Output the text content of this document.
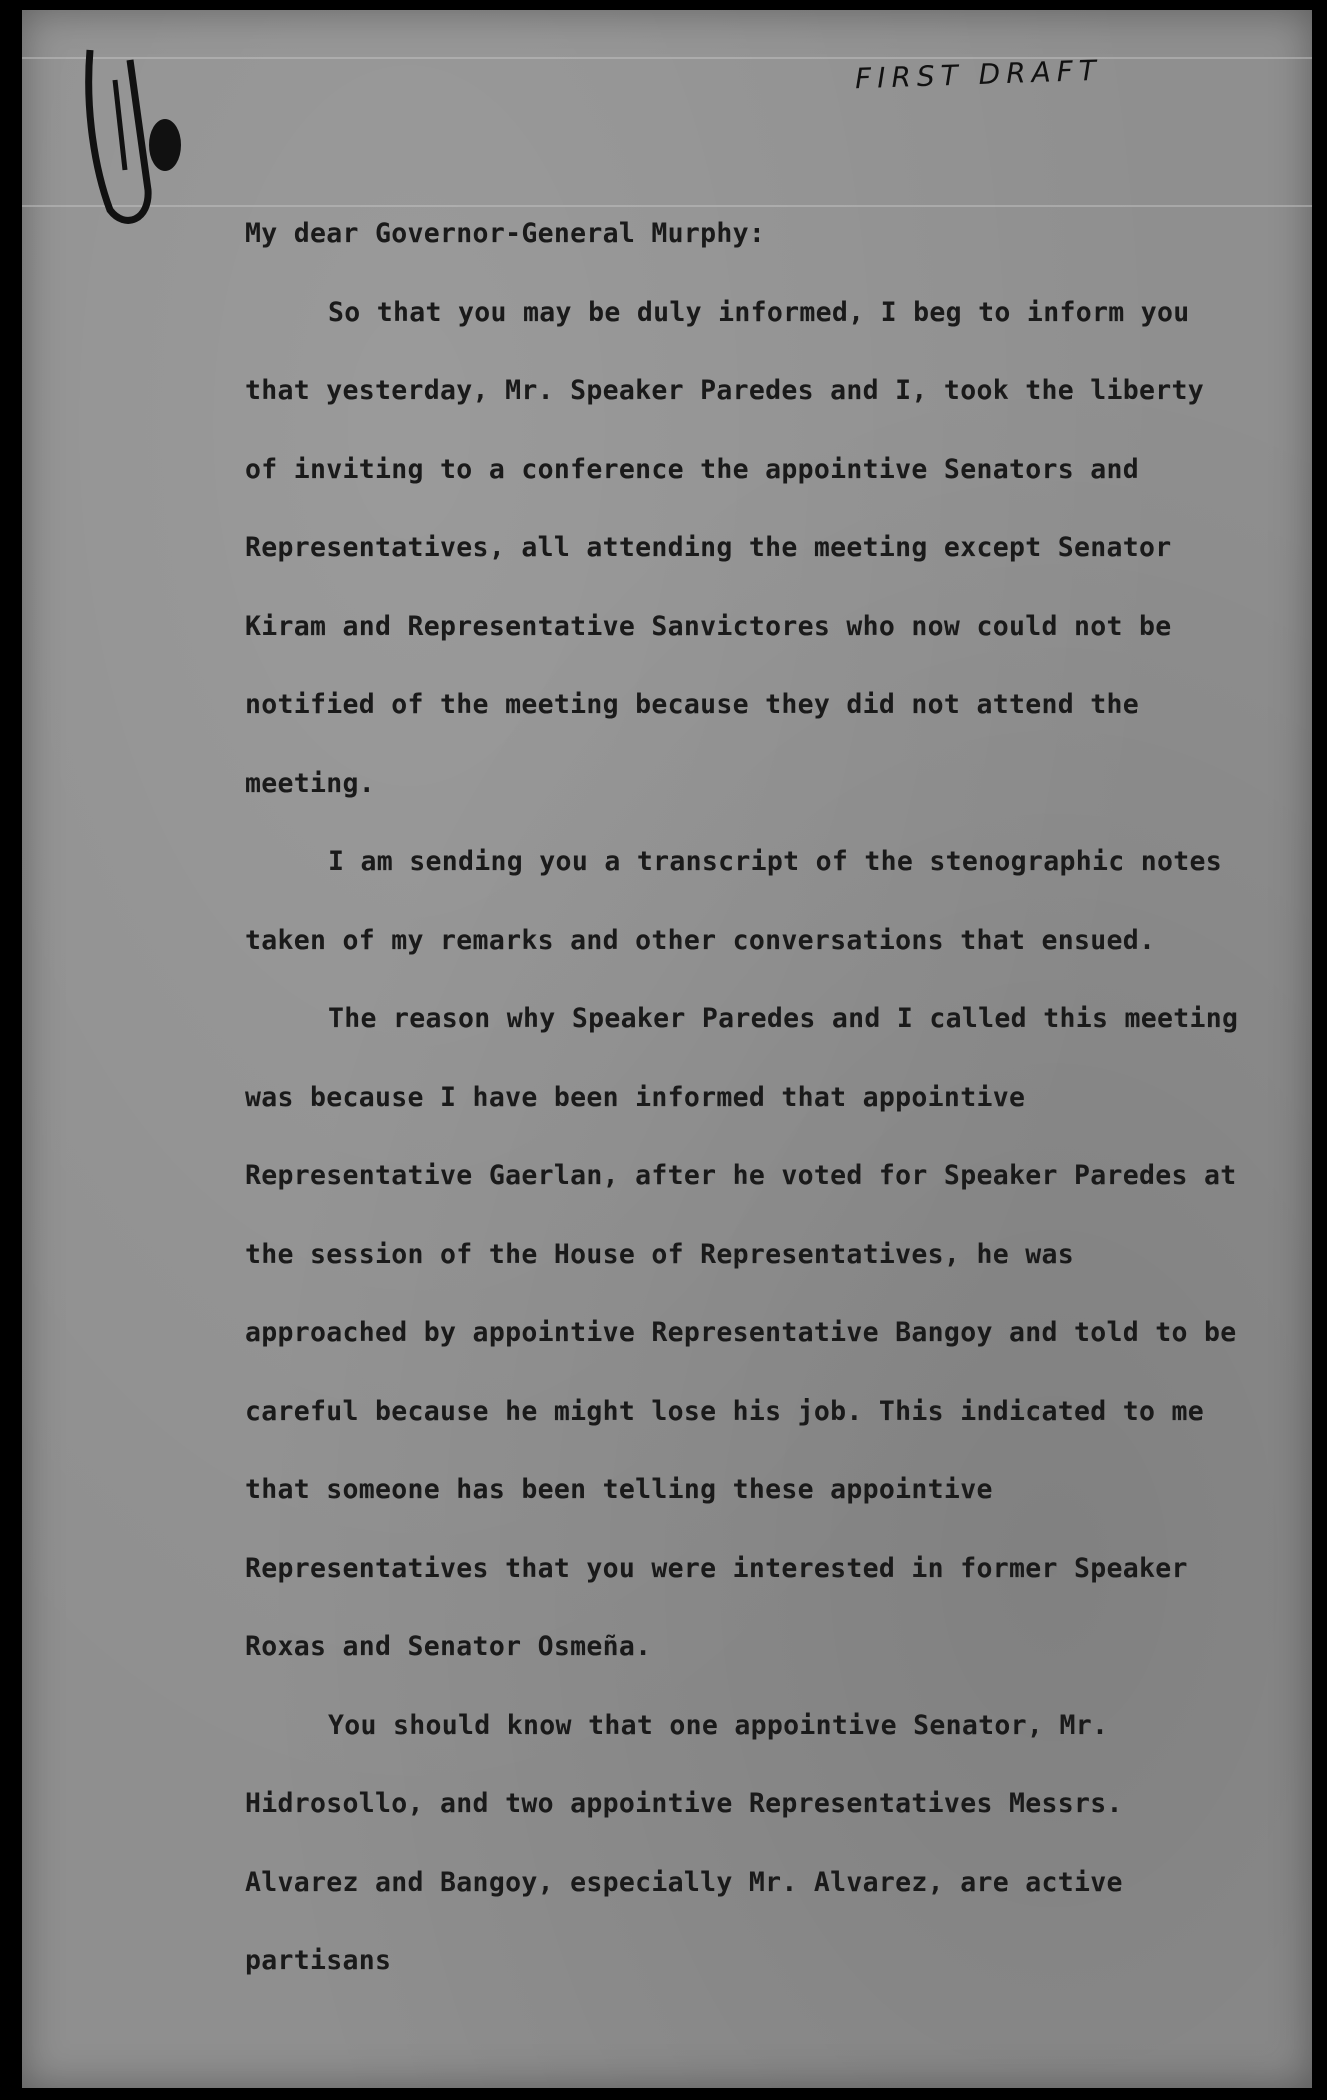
FIRST DRAFT

My dear Governor-General Murphy:

So that you may be duly informed, I beg to inform you that yesterday, Mr. Speaker Paredes and I, took the liberty of inviting to a conference the appointive Senators and Representatives, all attending the meeting except Senator Kiram and Representative Sanvictores who now could not be notified of the meeting because they did not attend the meeting.

I am sending you a transcript of the stenographic notes taken of my remarks and other conversations that ensued.

The reason why Speaker Paredes and I called this meeting was because I have been informed that appointive Representative Gaerlan, after he voted for Speaker Paredes at the session of the House of Representatives, he was approached by appointive Representative Bangoy and told to be careful because he might lose his job. This indicated to me that someone has been telling these appointive Representatives that you were interested in former Speaker Roxas and Senator Osmeña.

You should know that one appointive Senator, Mr. Hidrosollo, and two appointive Representatives Messrs. Alvarez and Bangoy, especially Mr. Alvarez, are active partisans
